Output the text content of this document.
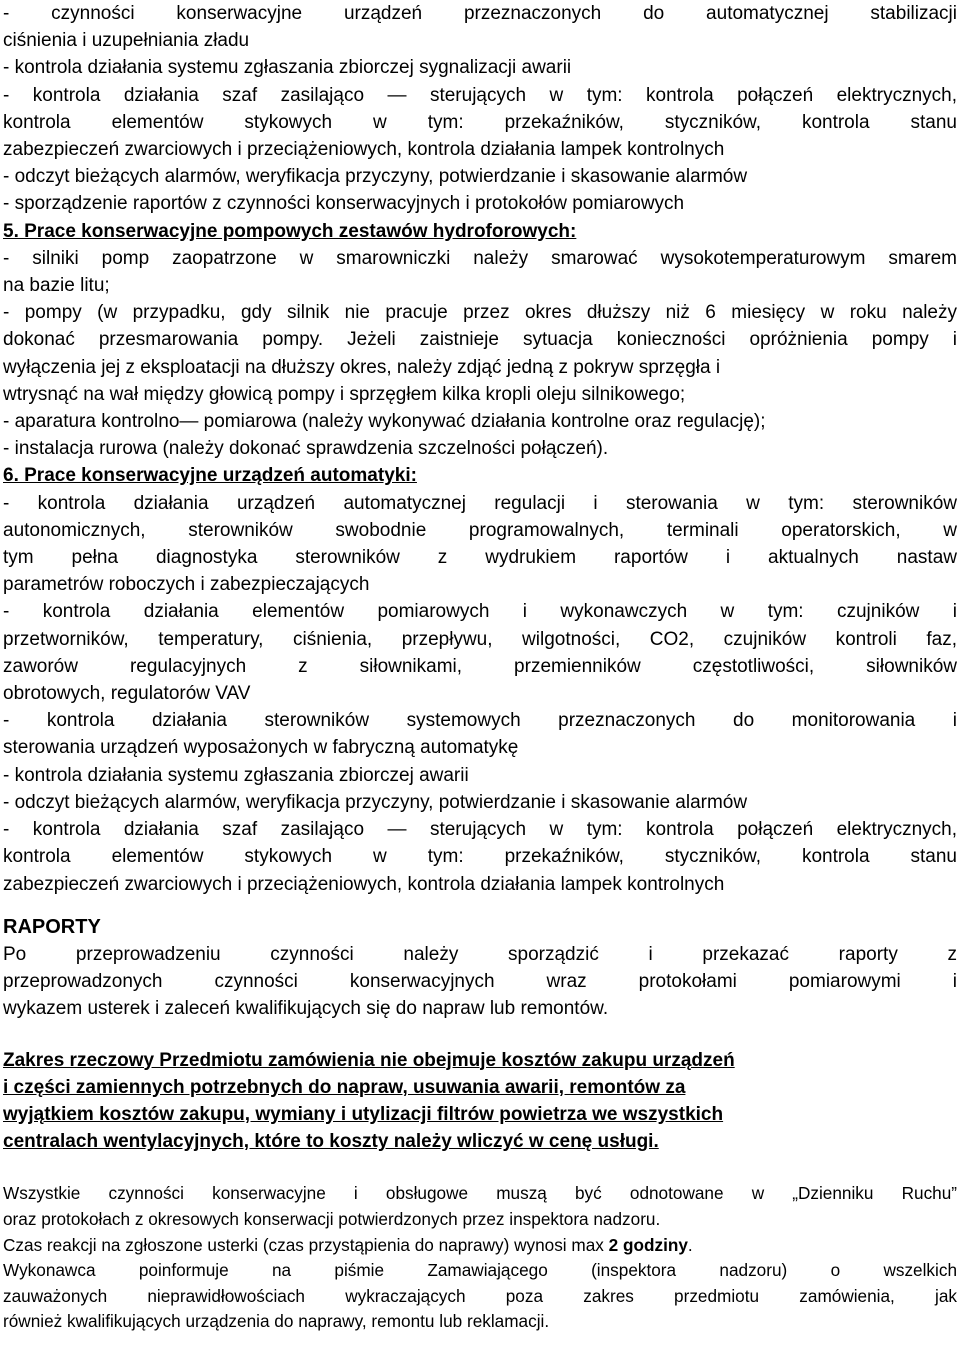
- czynności konserwacyjne urządzeń przeznaczonych do automatycznej stabilizacji
ciśnienia i uzupełniania zładu
- kontrola działania systemu zgłaszania zbiorczej sygnalizacji awarii
- kontrola działania szaf zasilająco — sterujących w tym: kontrola połączeń elektrycznych,
kontrola elementów stykowych w tym: przekaźników, styczników, kontrola stanu
zabezpieczeń zwarciowych i przeciążeniowych, kontrola działania lampek kontrolnych
- odczyt bieżących alarmów, weryfikacja przyczyny, potwierdzanie i skasowanie alarmów
- sporządzenie raportów z czynności konserwacyjnych i protokołów pomiarowych
5. Prace konserwacyjne pompowych zestawów hydroforowych:
- silniki pomp zaopatrzone w smarowniczki należy smarować wysokotemperaturowym smarem
na bazie litu;
- pompy (w przypadku, gdy silnik nie pracuje przez okres dłuższy niż 6 miesięcy w roku należy
dokonać przesmarowania pompy. Jeżeli zaistnieje sytuacja konieczności opróżnienia pompy i
wyłączenia jej z eksploatacji na dłuższy okres, należy zdjąć jedną z pokryw sprzęgła i
wtrysnąć na wał między głowicą pompy i sprzęgłem kilka kropli oleju silnikowego;
- aparatura kontrolno— pomiarowa (należy wykonywać działania kontrolne oraz regulację);
- instalacja rurowa (należy dokonać sprawdzenia szczelności połączeń).
6. Prace konserwacyjne urządzeń automatyki:
- kontrola działania urządzeń automatycznej regulacji i sterowania w tym: sterowników
autonomicznych, sterowników swobodnie programowalnych, terminali operatorskich, w
tym pełna diagnostyka sterowników z wydrukiem raportów i aktualnych nastaw
parametrów roboczych i zabezpieczających
- kontrola działania elementów pomiarowych i wykonawczych w tym: czujników i
przetworników, temperatury, ciśnienia, przepływu, wilgotności, CO2, czujników kontroli faz,
zaworów regulacyjnych z siłownikami, przemienników częstotliwości, siłowników
obrotowych, regulatorów VAV
- kontrola działania sterowników systemowych przeznaczonych do monitorowania i
sterowania urządzeń wyposażonych w fabryczną automatykę
- kontrola działania systemu zgłaszania zbiorczej awarii
- odczyt bieżących alarmów, weryfikacja przyczyny, potwierdzanie i skasowanie alarmów
- kontrola działania szaf zasilająco — sterujących w tym: kontrola połączeń elektrycznych,
kontrola elementów stykowych w tym: przekaźników, styczników, kontrola stanu
zabezpieczeń zwarciowych i przeciążeniowych, kontrola działania lampek kontrolnych
RAPORTY
Po przeprowadzeniu czynności należy sporządzić i przekazać raporty z
przeprowadzonych czynności konserwacyjnych wraz protokołami pomiarowymi i
wykazem usterek i zaleceń kwalifikujących się do napraw lub remontów.
Zakres rzeczowy Przedmiotu zamówienia nie obejmuje kosztów zakupu urządzeń
i części zamiennych potrzebnych do napraw, usuwania awarii, remontów za
wyjątkiem kosztów zakupu, wymiany i utylizacji filtrów powietrza we wszystkich
centralach wentylacyjnych, które to koszty należy wliczyć w cenę usługi.
Wszystkie czynności konserwacyjne i obsługowe muszą być odnotowane w „Dzienniku Ruchu”
oraz protokołach z okresowych konserwacji potwierdzonych przez inspektora nadzoru.
Czas reakcji na zgłoszone usterki (czas przystąpienia do naprawy) wynosi max 2 godziny.
Wykonawca poinformuje na piśmie Zamawiającego (inspektora nadzoru) o wszelkich
zauważonych nieprawidłowościach wykraczających poza zakres przedmiotu zamówienia, jak
również kwalifikujących urządzenia do naprawy, remontu lub reklamacji.
